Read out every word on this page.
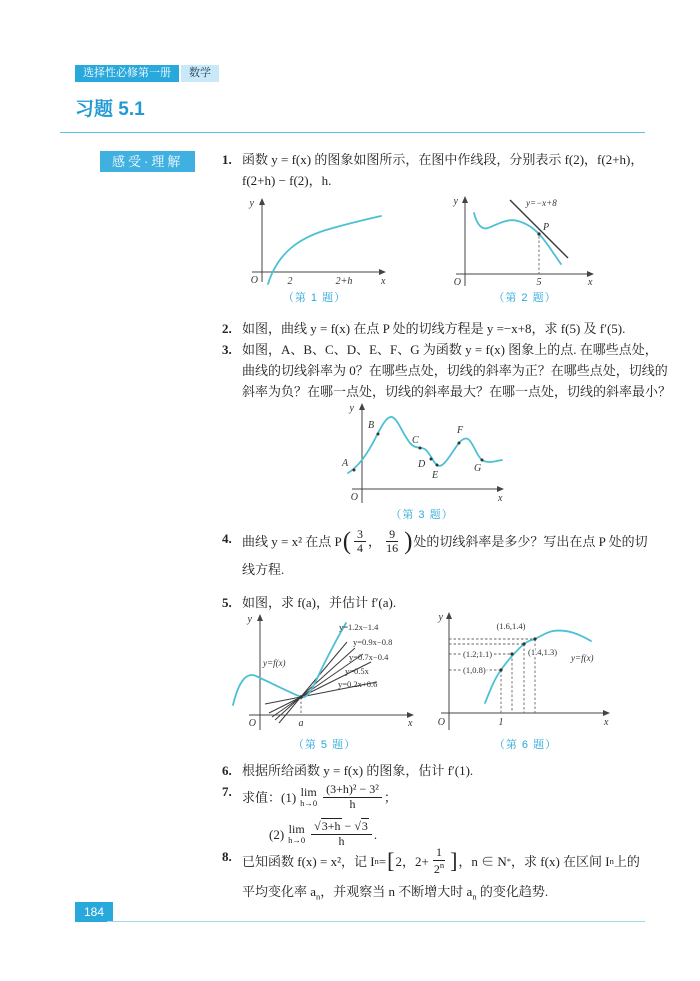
选择性必修第一册	数学
习题 5.1
感受·理解	1. 函数 y = f(x) 的图象如图所示，在图中作线段，分别表示 f(2)，f(2+h)，
f(2+h) − f(2)，h.
y
x
O	2	2+h
（第 1 题）
y=−x+8
P
y
x
O	5
（第 2 题）
2. 如图，曲线 y = f(x) 在点 P 处的切线方程是 y =−x+8，求 f(5) 及 f′(5).
3. 如图，A、B、C、D、E、F、G 为函数 y = f(x) 图象上的点. 在哪些点处，
曲线的切线斜率为 0？在哪些点处，切线的斜率为正？在哪些点处，切线的
斜率为负？在哪一点处，切线的斜率最大？在哪一点处，切线的斜率最小？
A
B
C
D
E
F
G
y
x
O
（第 3 题）
4. 曲线 y = x² 在点 P ( $\frac{3}{4}$ ， $\frac{9}{16}$ ) 处的切线斜率是多少？写出在点 P 处的切
线方程.
5. 如图，求 f(a)，并估计 f′(a).
y=f(x)
y=1.2x−1.4
y=0.9x−0.8
y=0.7x−0.4
y=0.5x
y=0.2x+0.6
y
x
O	a
（第 5 题）
(1.6,1.4)
(1.4,1.3)
(1.2,1.1)
(1,0.8)
y=f(x)
y
x
O	1
（第 6 题）
6. 根据所给函数 y = f(x) 的图象，估计 f′(1).
7. 求值：(1) lim
$h\to 0 \frac{\text{(3+h)² − 3²}}{h}$ ；
(2) lim
$h\to 0 \frac{√3+h - √3}{h}$ .
8. 已知函数 f(x) = x²，记 I n = [ 2，$2+ \frac{1}{2^n}$ ] ，n ∈ N * ，求 f(x) 在区间 I n 上的
平均变化率 $a_n$，并观察当 n 不断增大时 $a_n$ 的变化趋势.
184
